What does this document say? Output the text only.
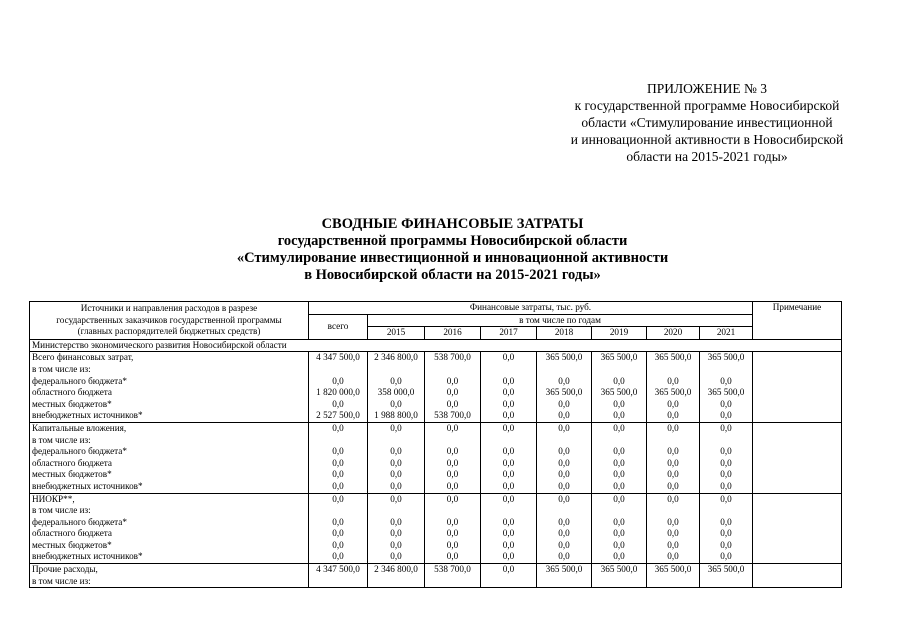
ПРИЛОЖЕНИЕ № 3
к государственной программе Новосибирской
области «Стимулирование инвестиционной
и инновационной активности в Новосибирской
области на 2015-2021 годы»
СВОДНЫЕ ФИНАНСОВЫЕ ЗАТРАТЫ
государственной программы Новосибирской области
«Стимулирование инвестиционной и инновационной активности
в Новосибирской области на 2015-2021 годы»
Источники и направления расходов в разрезе
государственных заказчиков государственной программы
(главных распорядителей бюджетных средств)	Финансовые затраты, тыс. руб.								Примечание
	всего	в том числе по годам							
		2015	2016	2017	2018	2019	2020	2021	
Министерство экономического развития Новосибирской области									
Всего финансовых затрат,	4 347 500,0	2 346 800,0	538 700,0	0,0	365 500,0	365 500,0	365 500,0	365 500,0	
в том числе из:									
федерального бюджета*	0,0	0,0	0,0	0,0	0,0	0,0	0,0	0,0	
областного бюджета	1 820 000,0	358 000,0	0,0	0,0	365 500,0	365 500,0	365 500,0	365 500,0	
местных бюджетов*	0,0	0,0	0,0	0,0	0,0	0,0	0,0	0,0	
внебюджетных источников*	2 527 500,0	1 988 800,0	538 700,0	0,0	0,0	0,0	0,0	0,0	
Капитальные вложения,	0,0	0,0	0,0	0,0	0,0	0,0	0,0	0,0	
в том числе из:									
федерального бюджета*	0,0	0,0	0,0	0,0	0,0	0,0	0,0	0,0	
областного бюджета	0,0	0,0	0,0	0,0	0,0	0,0	0,0	0,0	
местных бюджетов*	0,0	0,0	0,0	0,0	0,0	0,0	0,0	0,0	
внебюджетных источников*	0,0	0,0	0,0	0,0	0,0	0,0	0,0	0,0	
НИОКР**,	0,0	0,0	0,0	0,0	0,0	0,0	0,0	0,0	
в том числе из:									
федерального бюджета*	0,0	0,0	0,0	0,0	0,0	0,0	0,0	0,0	
областного бюджета	0,0	0,0	0,0	0,0	0,0	0,0	0,0	0,0	
местных бюджетов*	0,0	0,0	0,0	0,0	0,0	0,0	0,0	0,0	
внебюджетных источников*	0,0	0,0	0,0	0,0	0,0	0,0	0,0	0,0	
Прочие расходы,	4 347 500,0	2 346 800,0	538 700,0	0,0	365 500,0	365 500,0	365 500,0	365 500,0	
в том числе из:									
